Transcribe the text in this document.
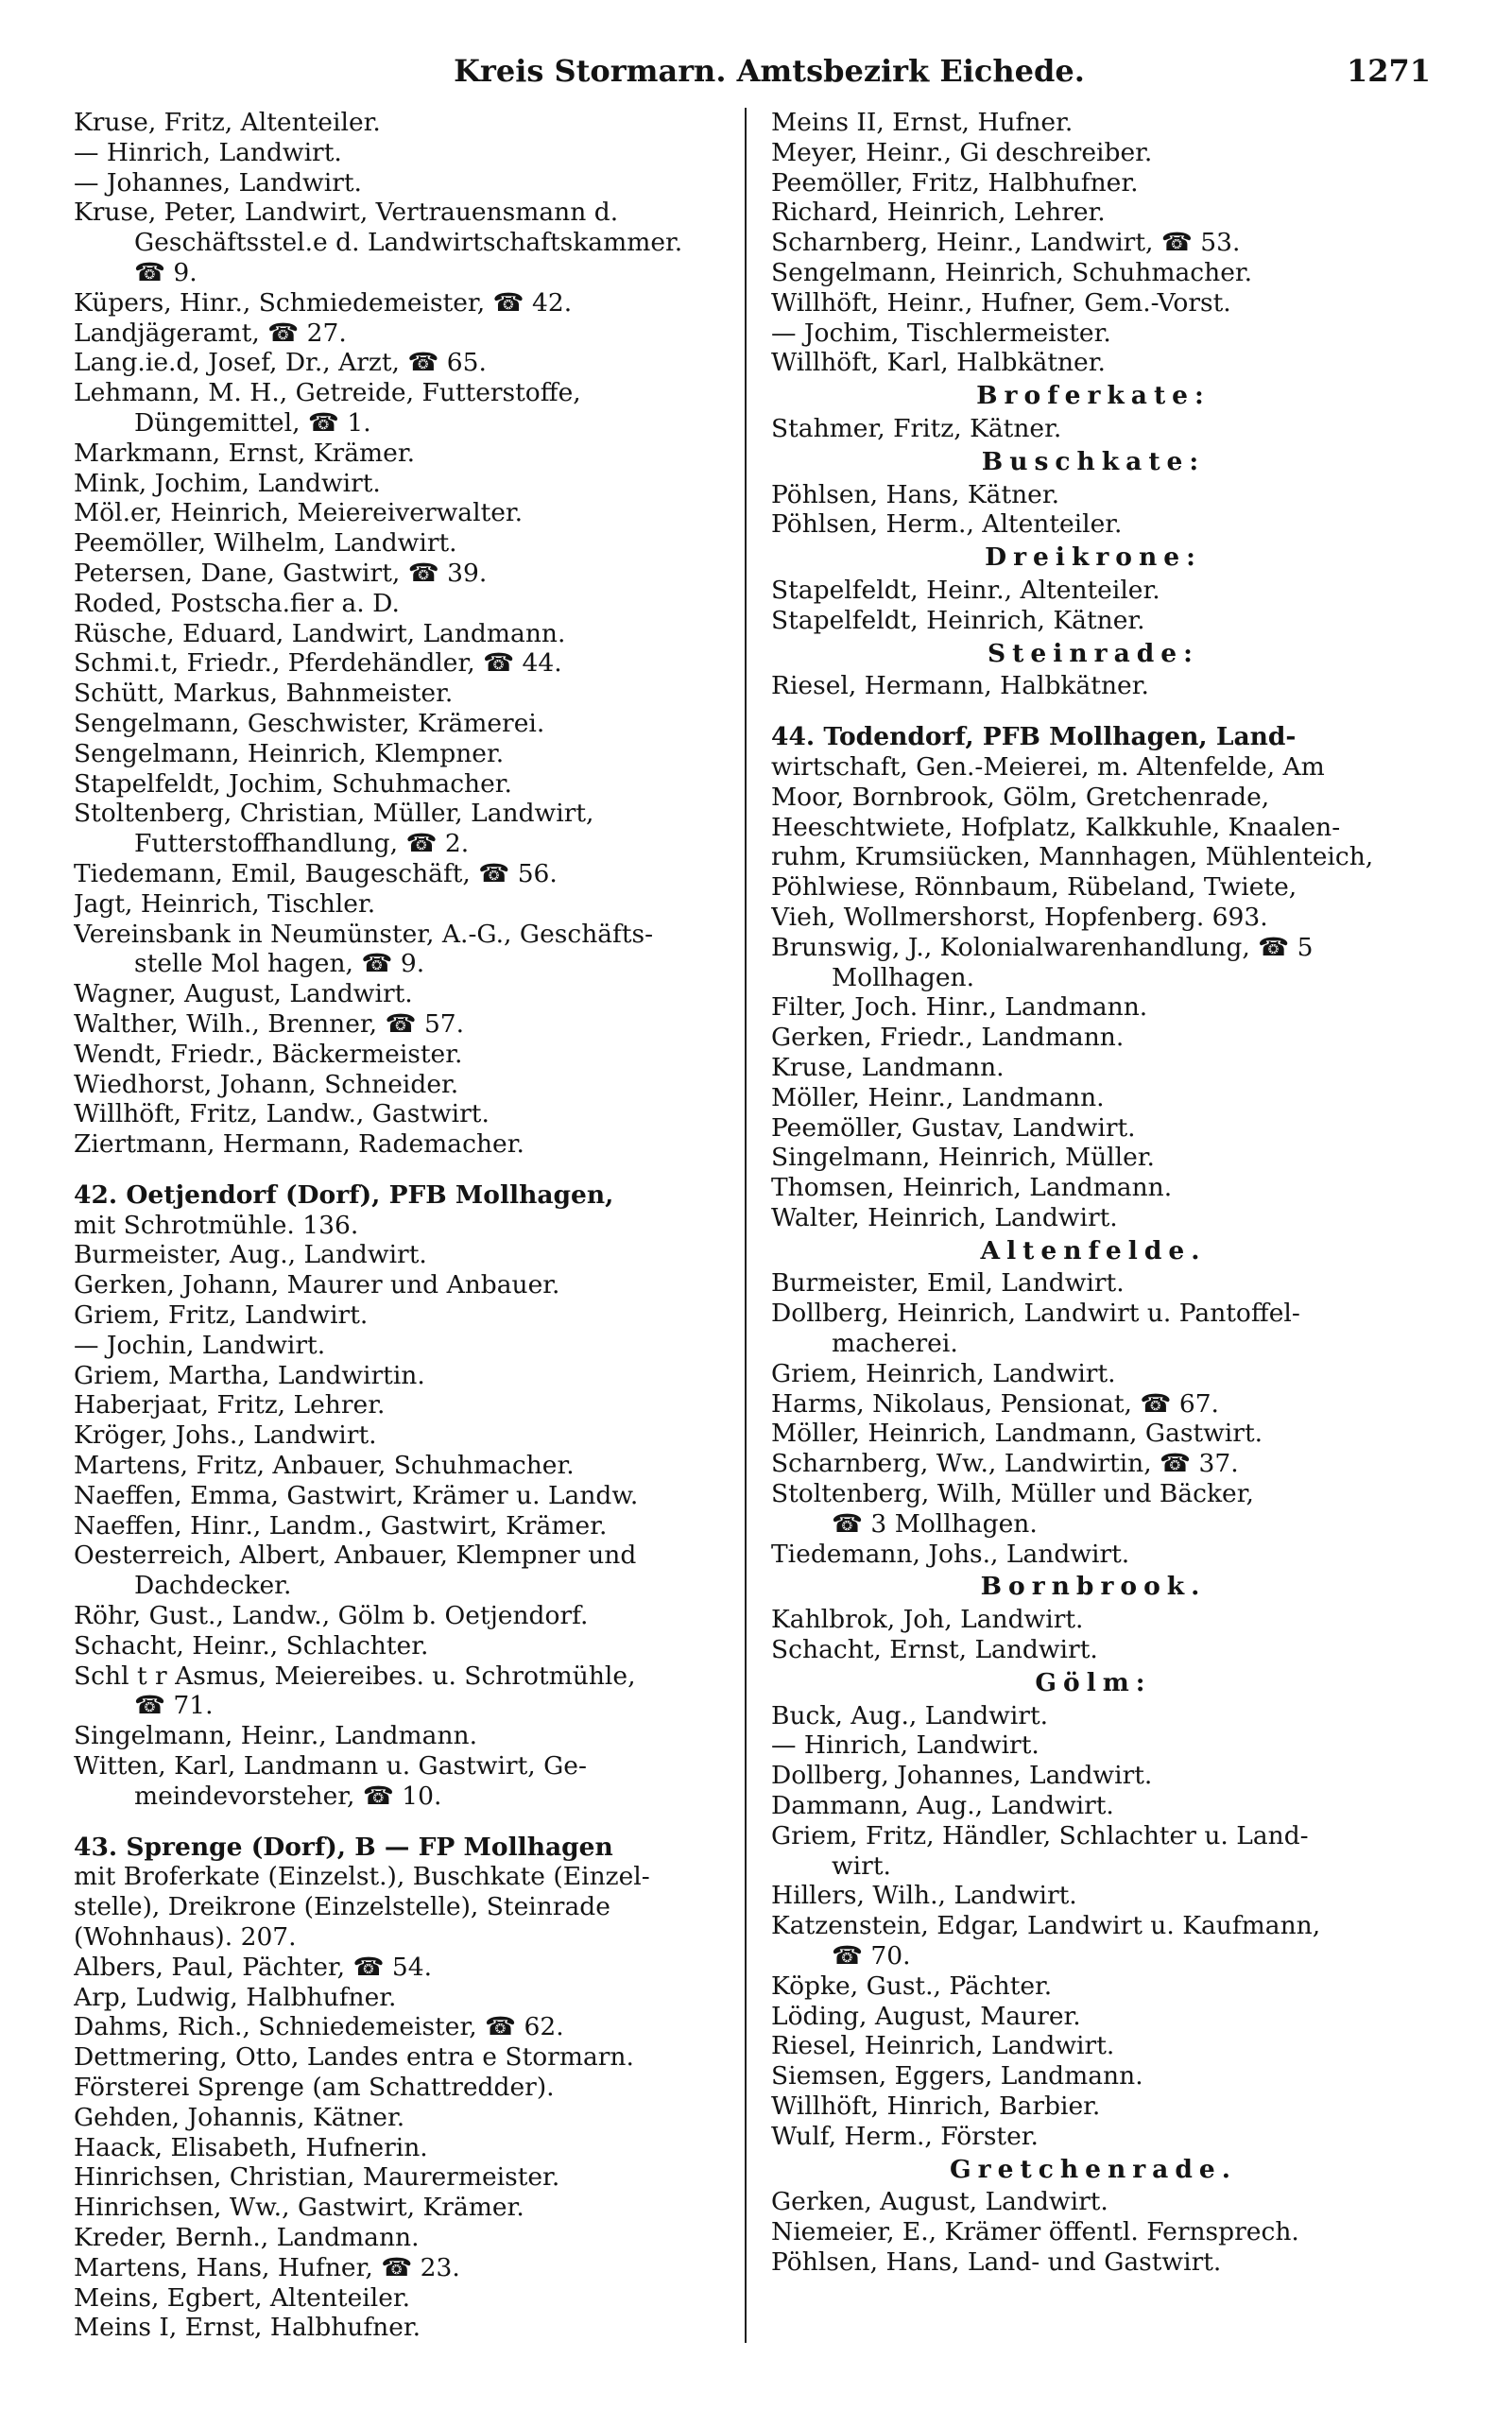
Kreis Stormarn. Amtsbezirk Eichede.	1271
Kruse, Fritz, Altenteiler.
— Hinrich, Landwirt.
— Johannes, Landwirt.
Kruse, Peter, Landwirt, Vertrauensmann d.
Geschäftsstel.e d. Landwirtschaftskammer.
☎ 9.
Küpers, Hinr., Schmiedemeister, ☎ 42.
Landjägeramt, ☎ 27.
Lang.ie.d, Josef, Dr., Arzt, ☎ 65.
Lehmann, M. H., Getreide, Futterstoffe,
Düngemittel, ☎ 1.
Markmann, Ernst, Krämer.
Mink, Jochim, Landwirt.
Möl.er, Heinrich, Meiereiverwalter.
Peemöller, Wilhelm, Landwirt.
Petersen, Dane, Gastwirt, ☎ 39.
Roded, Postscha.fier a. D.
Rüsche, Eduard, Landwirt, Landmann.
Schmi.t, Friedr., Pferdehändler, ☎ 44.
Schütt, Markus, Bahnmeister.
Sengelmann, Geschwister, Krämerei.
Sengelmann, Heinrich, Klempner.
Stapelfeldt, Jochim, Schuhmacher.
Stoltenberg, Christian, Müller, Landwirt,
Futterstoffhandlung, ☎ 2.
Tiedemann, Emil, Baugeschäft, ☎ 56.
Jagt, Heinrich, Tischler.
Vereinsbank in Neumünster, A.-G., Geschäfts-
stelle Mol hagen, ☎ 9.
Wagner, August, Landwirt.
Walther, Wilh., Brenner, ☎ 57.
Wendt, Friedr., Bäckermeister.
Wiedhorst, Johann, Schneider.
Willhöft, Fritz, Landw., Gastwirt.
Ziertmann, Hermann, Rademacher.
42. Oetjendorf (Dorf), PFB Mollhagen,
mit Schrotmühle. 136.
Burmeister, Aug., Landwirt.
Gerken, Johann, Maurer und Anbauer.
Griem, Fritz, Landwirt.
— Jochin, Landwirt.
Griem, Martha, Landwirtin.
Haberjaat, Fritz, Lehrer.
Kröger, Johs., Landwirt.
Martens, Fritz, Anbauer, Schuhmacher.
Naeffen, Emma, Gastwirt, Krämer u. Landw.
Naeffen, Hinr., Landm., Gastwirt, Krämer.
Oesterreich, Albert, Anbauer, Klempner und
Dachdecker.
Röhr, Gust., Landw., Gölm b. Oetjendorf.
Schacht, Heinr., Schlachter.
Schl t r Asmus, Meiereibes. u. Schrotmühle,
☎ 71.
Singelmann, Heinr., Landmann.
Witten, Karl, Landmann u. Gastwirt, Ge-
meindevorsteher, ☎ 10.
43. Sprenge (Dorf), B — FP Mollhagen
mit Broferkate (Einzelst.), Buschkate (Einzel-
stelle), Dreikrone (Einzelstelle), Steinrade
(Wohnhaus). 207.
Albers, Paul, Pächter, ☎ 54.
Arp, Ludwig, Halbhufner.
Dahms, Rich., Schniedemeister, ☎ 62.
Dettmering, Otto, Landes entra e Stormarn.
Försterei Sprenge (am Schattredder).
Gehden, Johannis, Kätner.
Haack, Elisabeth, Hufnerin.
Hinrichsen, Christian, Maurermeister.
Hinrichsen, Ww., Gastwirt, Krämer.
Kreder, Bernh., Landmann.
Martens, Hans, Hufner, ☎ 23.
Meins, Egbert, Altenteiler.
Meins I, Ernst, Halbhufner.
Meins II, Ernst, Hufner.
Meyer, Heinr., Gi deschreiber.
Peemöller, Fritz, Halbhufner.
Richard, Heinrich, Lehrer.
Scharnberg, Heinr., Landwirt, ☎ 53.
Sengelmann, Heinrich, Schuhmacher.
Willhöft, Heinr., Hufner, Gem.-Vorst.
— Jochim, Tischlermeister.
Willhöft, Karl, Halbkätner.
Broferkate:
Stahmer, Fritz, Kätner.
Buschkate:
Pöhlsen, Hans, Kätner.
Pöhlsen, Herm., Altenteiler.
Dreikrone:
Stapelfeldt, Heinr., Altenteiler.
Stapelfeldt, Heinrich, Kätner.
Steinrade:
Riesel, Hermann, Halbkätner.
44. Todendorf, PFB Mollhagen, Land-
wirtschaft, Gen.-Meierei, m. Altenfelde, Am
Moor, Bornbrook, Gölm, Gretchenrade,
Heeschtwiete, Hofplatz, Kalkkuhle, Knaalen-
ruhm, Krumsiücken, Mannhagen, Mühlenteich,
Pöhlwiese, Rönnbaum, Rübeland, Twiete,
Vieh, Wollmershorst, Hopfenberg. 693.
Brunswig, J., Kolonialwarenhandlung, ☎ 5
Mollhagen.
Filter, Joch. Hinr., Landmann.
Gerken, Friedr., Landmann.
Kruse, Landmann.
Möller, Heinr., Landmann.
Peemöller, Gustav, Landwirt.
Singelmann, Heinrich, Müller.
Thomsen, Heinrich, Landmann.
Walter, Heinrich, Landwirt.
Altenfelde.
Burmeister, Emil, Landwirt.
Dollberg, Heinrich, Landwirt u. Pantoffel-
macherei.
Griem, Heinrich, Landwirt.
Harms, Nikolaus, Pensionat, ☎ 67.
Möller, Heinrich, Landmann, Gastwirt.
Scharnberg, Ww., Landwirtin, ☎ 37.
Stoltenberg, Wilh, Müller und Bäcker,
☎ 3 Mollhagen.
Tiedemann, Johs., Landwirt.
Bornbrook.
Kahlbrok, Joh, Landwirt.
Schacht, Ernst, Landwirt.
Gölm:
Buck, Aug., Landwirt.
— Hinrich, Landwirt.
Dollberg, Johannes, Landwirt.
Dammann, Aug., Landwirt.
Griem, Fritz, Händler, Schlachter u. Land-
wirt.
Hillers, Wilh., Landwirt.
Katzenstein, Edgar, Landwirt u. Kaufmann,
☎ 70.
Köpke, Gust., Pächter.
Löding, August, Maurer.
Riesel, Heinrich, Landwirt.
Siemsen, Eggers, Landmann.
Willhöft, Hinrich, Barbier.
Wulf, Herm., Förster.
Gretchenrade.
Gerken, August, Landwirt.
Niemeier, E., Krämer öffentl. Fernsprech.
Pöhlsen, Hans, Land- und Gastwirt.
